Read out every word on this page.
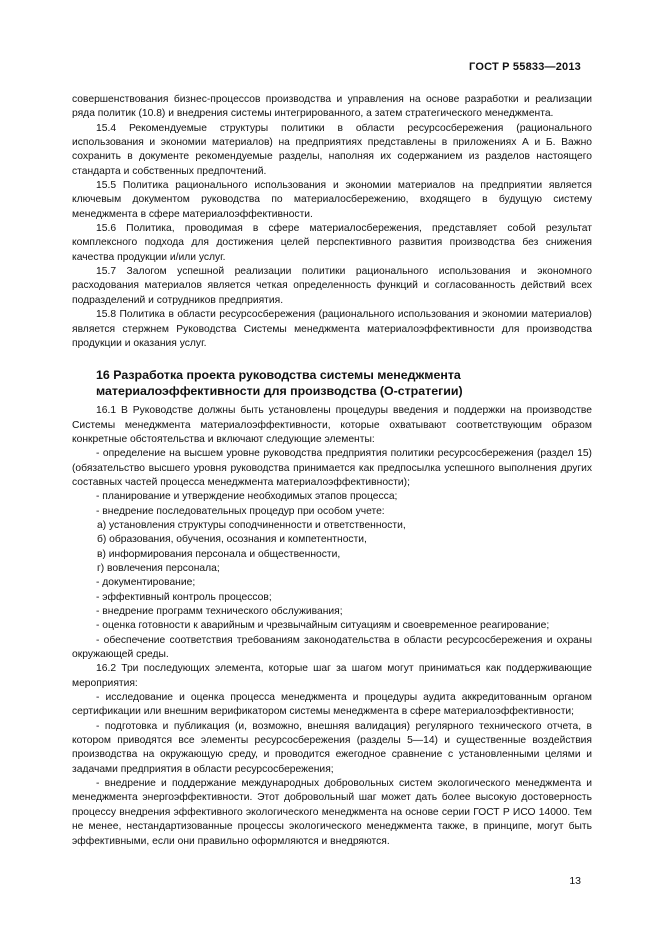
ГОСТ Р 55833—2013

совершенствования бизнес-процессов производства и управления на основе разработки и реализации ряда политик (10.8) и внедрения системы интегрированного, а затем стратегического менеджмента.

15.4 Рекомендуемые структуры политики в области ресурсосбережения (рационального использования и экономии материалов) на предприятиях представлены в приложениях А и Б. Важно сохранить в документе рекомендуемые разделы, наполняя их содержанием из разделов настоящего стандарта и собственных предпочтений.

15.5 Политика рационального использования и экономии материалов на предприятии является ключевым документом руководства по материалосбережению, входящего в будущую систему менеджмента в сфере материалоэффективности.

15.6 Политика, проводимая в сфере материалосбережения, представляет собой результат комплексного подхода для достижения целей перспективного развития производства без снижения качества продукции и/или услуг.

15.7 Залогом успешной реализации политики рационального использования и экономного расходования материалов является четкая определенность функций и согласованность действий всех подразделений и сотрудников предприятия.

15.8 Политика в области ресурсосбережения (рационального использования и экономии материалов) является стержнем Руководства Системы менеджмента материалоэффективности для производства продукции и оказания услуг.

16 Разработка проекта руководства системы менеджмента
материалоэффективности для производства (О-стратегии)

16.1 В Руководстве должны быть установлены процедуры введения и поддержки на производстве Системы менеджмента материалоэффективности, которые охватывают соответствующим образом конкретные обстоятельства и включают следующие элементы:

- определение на высшем уровне руководства предприятия политики ресурсосбережения (раздел 15) (обязательство высшего уровня руководства принимается как предпосылка успешного выполнения других составных частей процесса менеджмента материалоэффективности);

- планирование и утверждение необходимых этапов процесса;

- внедрение последовательных процедур при особом учете:

а) установления структуры соподчиненности и ответственности,

б) образования, обучения, осознания и компетентности,

в) информирования персонала и общественности,

г) вовлечения персонала;

- документирование;

- эффективный контроль процессов;

- внедрение программ технического обслуживания;

- оценка готовности к аварийным и чрезвычайным ситуациям и своевременное реагирование;

- обеспечение соответствия требованиям законодательства в области ресурсосбережения и охраны окружающей среды.

16.2 Три последующих элемента, которые шаг за шагом могут приниматься как поддерживающие мероприятия:

- исследование и оценка процесса менеджмента и процедуры аудита аккредитованным органом сертификации или внешним верификатором системы менеджмента в сфере материалоэффективности;

- подготовка и публикация (и, возможно, внешняя валидация) регулярного технического отчета, в котором приводятся все элементы ресурсосбережения (разделы 5—14) и существенные воздействия производства на окружающую среду, и проводится ежегодное сравнение с установленными целями и задачами предприятия в области ресурсосбережения;

- внедрение и поддержание международных добровольных систем экологического менеджмента и менеджмента энергоэффективности. Этот добровольный шаг может дать более высокую достоверность процессу внедрения эффективного экологического менеджмента на основе серии ГОСТ Р ИСО 14000. Тем не менее, нестандартизованные процессы экологического менеджмента также, в принципе, могут быть эффективными, если они правильно оформляются и внедряются.

13
